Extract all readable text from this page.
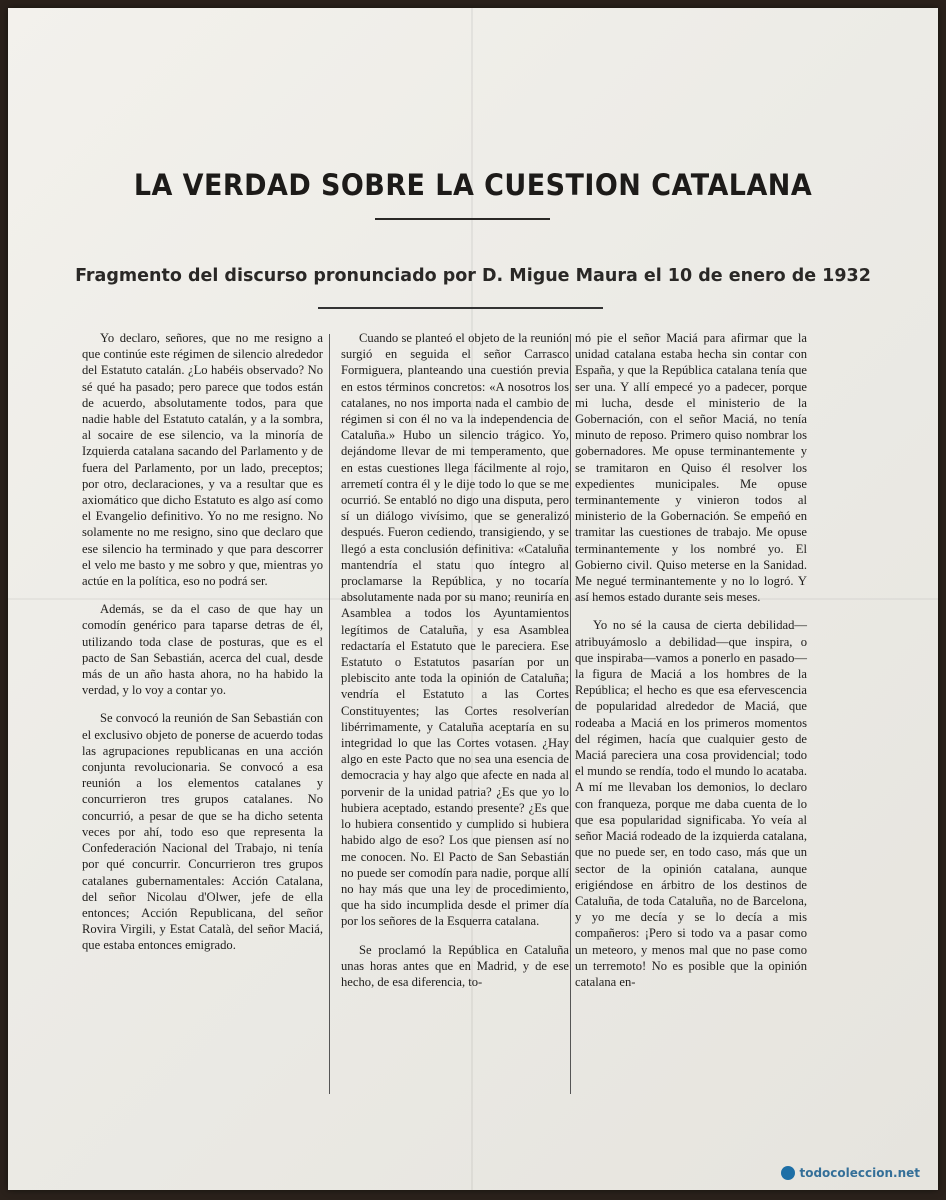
LA VERDAD SOBRE LA CUESTION CATALANA
Fragmento del discurso pronunciado por D. Migue Maura el 10 de enero de 1932

Yo declaro, señores, que no me resigno a que continúe este régimen de silencio alrededor del Estatuto catalán. ¿Lo habéis observado? No sé qué ha pasado; pero parece que todos están de acuerdo, absolutamente todos, para que nadie hable del Estatuto catalán, y a la sombra, al socaire de ese silencio, va la minoría de Izquierda catalana sacando del Parlamento y de fuera del Parlamento, por un lado, preceptos; por otro, declaraciones, y va a resultar que es axiomático que dicho Estatuto es algo así como el Evangelio definitivo. Yo no me resigno. No solamente no me resigno, sino que declaro que ese silencio ha terminado y que para descorrer el velo me basto y me sobro y que, mientras yo actúe en la política, eso no podrá ser.

Además, se da el caso de que hay un comodín genérico para taparse detras de él, utilizando toda clase de posturas, que es el pacto de San Sebastián, acerca del cual, desde más de un año hasta ahora, no ha habido la verdad, y lo voy a contar yo.

Se convocó la reunión de San Sebastián con el exclusivo objeto de ponerse de acuerdo todas las agrupaciones republicanas en una acción conjunta revolucionaria. Se convocó a esa reunión a los elementos catalanes y concurrieron tres grupos catalanes. No concurrió, a pesar de que se ha dicho setenta veces por ahí, todo eso que representa la Confederación Nacional del Trabajo, ni tenía por qué concurrir. Concurrieron tres grupos catalanes gubernamentales: Acción Catalana, del señor Nicolau d'Olwer, jefe de ella entonces; Acción Republicana, del señor Rovira Virgili, y Estat Català, del señor Maciá, que estaba entonces emigrado.

Cuando se planteó el objeto de la reunión surgió en seguida el señor Carrasco Formiguera, planteando una cuestión previa en estos términos concretos: «A nosotros los catalanes, no nos importa nada el cambio de régimen si con él no va la independencia de Cataluña.» Hubo un silencio trágico. Yo, dejándome llevar de mi temperamento, que en estas cuestiones llega fácilmente al rojo, arremetí contra él y le dije todo lo que se me ocurrió. Se entabló no digo una disputa, pero sí un diálogo vivísimo, que se generalizó después. Fueron cediendo, transigiendo, y se llegó a esta conclusión definitiva: «Cataluña mantendría el statu quo íntegro al proclamarse la República, y no tocaría absolutamente nada por su mano; reuniría en Asamblea a todos los Ayuntamientos legítimos de Cataluña, y esa Asamblea redactaría el Estatuto que le pareciera. Ese Estatuto o Estatutos pasarían por un plebiscito ante toda la opinión de Cataluña; vendría el Estatuto a las Cortes Constituyentes; las Cortes resolverían libérrimamente, y Cataluña aceptaría en su integridad lo que las Cortes votasen. ¿Hay algo en este Pacto que no sea una esencia de democracia y hay algo que afecte en nada al porvenir de la unidad patria? ¿Es que yo lo hubiera aceptado, estando presente? ¿Es que lo hubiera consentido y cumplido si hubiera habido algo de eso? Los que piensen así no me conocen. No. El Pacto de San Sebastián no puede ser comodín para nadie, porque allí no hay más que una ley de procedimiento, que ha sido incumplida desde el primer día por los señores de la Esquerra catalana.

Se proclamó la República en Cataluña unas horas antes que en Madrid, y de ese hecho, de esa diferencia, to-

mó pie el señor Maciá para afirmar que la unidad catalana estaba hecha sin contar con España, y que la República catalana tenía que ser una. Y allí empecé yo a padecer, porque mi lucha, desde el ministerio de la Gobernación, con el señor Maciá, no tenía minuto de reposo. Primero quiso nombrar los gobernadores. Me opuse terminantemente y se tramitaron en Quiso él resolver los expedientes municipales. Me opuse terminantemente y vinieron todos al ministerio de la Gobernación. Se empeñó en tramitar las cuestiones de trabajo. Me opuse terminantemente y los nombré yo. El Gobierno civil. Quiso meterse en la Sanidad. Me negué terminantemente y no lo logró. Y así hemos estado durante seis meses.

Yo no sé la causa de cierta debilidad—atribuyámoslo a debilidad—que inspira, o que inspiraba—vamos a ponerlo en pasado—la figura de Maciá a los hombres de la República; el hecho es que esa efervescencia de popularidad alrededor de Maciá, que rodeaba a Maciá en los primeros momentos del régimen, hacía que cualquier gesto de Maciá pareciera una cosa providencial; todo el mundo se rendía, todo el mundo lo acataba. A mí me llevaban los demonios, lo declaro con franqueza, porque me daba cuenta de lo que esa popularidad significaba. Yo veía al señor Maciá rodeado de la izquierda catalana, que no puede ser, en todo caso, más que un sector de la opinión catalana, aunque erigiéndose en árbitro de los destinos de Cataluña, de toda Cataluña, no de Barcelona, y yo me decía y se lo decía a mis compañeros: ¡Pero si todo va a pasar como un meteoro, y menos mal que no pase como un terremoto! No es posible que la opinión catalana en-

todocoleccion.net
